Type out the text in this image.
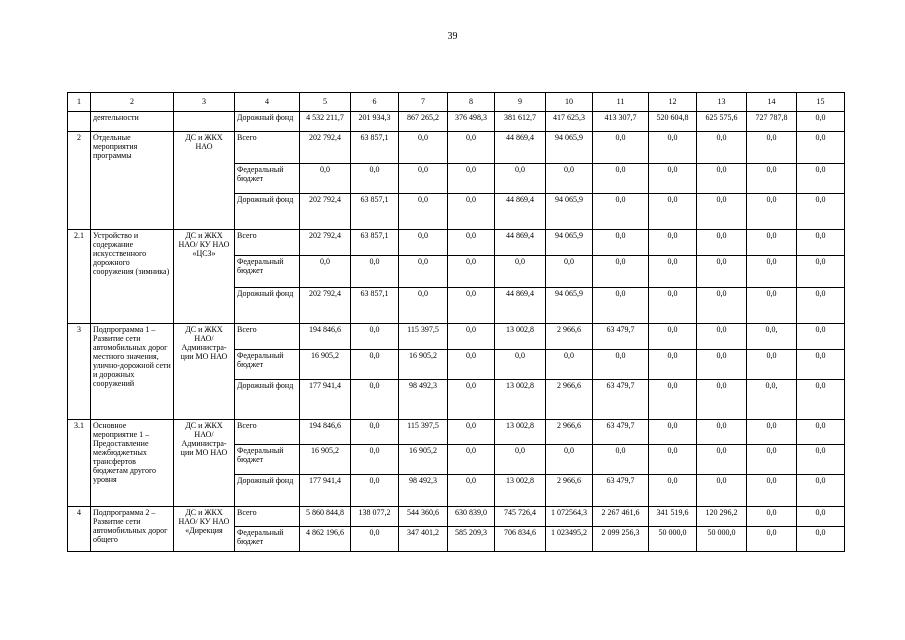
39
1	2	3	4	5	6	7	8	9	10	11	12	13	14	15
	деятельности		Дорожный фонд	4 532 211,7	201 934,3	867 265,2	376 498,3	381 612,7	417 625,3	413 307,7	520 604,8	625 575,6	727 787,8	0,0
2	Отдельные мероприятия программы	ДС и ЖКХ НАО	Всего	202 792,4	63 857,1	0,0	0,0	44 869,4	94 065,9	0,0	0,0	0,0	0,0	0,0
			Федеральный бюджет	0,0	0,0	0,0	0,0	0,0	0,0	0,0	0,0	0,0	0,0	0,0
			Дорожный фонд	202 792,4	63 857,1	0,0	0,0	44 869,4	94 065,9	0,0	0,0	0,0	0,0	0,0
2.1	Устройство и содержание искусственного дорожного сооружения (зимника)	ДС и ЖКХ НАО/ КУ НАО «ЦСЗ»	Всего	202 792,4	63 857,1	0,0	0,0	44 869,4	94 065,9	0,0	0,0	0,0	0,0	0,0
			Федеральный бюджет	0,0	0,0	0,0	0,0	0,0	0,0	0,0	0,0	0,0	0,0	0,0
			Дорожный фонд	202 792,4	63 857,1	0,0	0,0	44 869,4	94 065,9	0,0	0,0	0,0	0,0	0,0
3	Подпрограмма 1 – Развитие сети автомобильных дорог местного значения, улично-дорожной сети и дорожных сооружений	ДС и ЖКХ НАО/ Администра-ции МО НАО	Всего	194 846,6	0,0	115 397,5	0,0	13 002,8	2 966,6	63 479,7	0,0	0,0	0,0,	0,0
			Федеральный бюджет	16 905,2	0,0	16 905,2	0,0	0,0	0,0	0,0	0,0	0,0	0,0	0,0
			Дорожный фонд	177 941,4	0,0	98 492,3	0,0	13 002,8	2 966,6	63 479,7	0,0	0,0	0,0,	0,0
3.1	Основное мероприятие 1 – Предоставление межбюджетных трансфертов бюджетам другого уровня	ДС и ЖКХ НАО/ Администра-ции МО НАО	Всего	194 846,6	0,0	115 397,5	0,0	13 002,8	2 966,6	63 479,7	0,0	0,0	0,0	0,0
			Федеральный бюджет	16 905,2	0,0	16 905,2	0,0	0,0	0,0	0,0	0,0	0,0	0,0	0,0
			Дорожный фонд	177 941,4	0,0	98 492,3	0,0	13 002,8	2 966,6	63 479,7	0,0	0,0	0,0	0,0
4	Подпрограмма 2 – Развитие сети автомобильных дорог общего	ДС и ЖКХ НАО/ КУ НАО «Дирекция	Всего	5 860 844,8	138 077,2	544 360,6	630 839,0	745 726,4	1 072564,3	2 267 461,6	341 519,6	120 296,2	0,0	0,0
			Федеральный бюджет	4 862 196,6	0,0	347 401,2	585 209,3	706 834,6	1 023495,2	2 099 256,3	50 000,0	50 000,0	0,0	0,0
